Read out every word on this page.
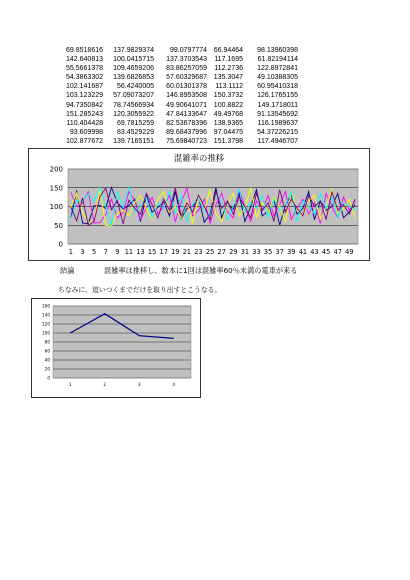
69.8518616	137.9829374	99.0797774	66.94464	98.13960398
142.640813	100.0415715	137.3703543	117.1695	61.82194114
55.5661378	109.4659206	83.86257059	112.2736	122.8972841
54.3863302	139.6826853	57.60329687	135.3047	49.10388305
102.141687	56.4240005	60.01301378	113.1112	60.95410318
103.123229	57.09073207	146.8953508	150.3732	126.1765155
94.7350842	78.74566934	49.90641071	100.8822	149.1718011
151.285243	120.3055922	47.84133647	49.49768	91.13545692
110.404428	69.7815259	82.53678396	138.9365	116.1989637
93.609998	83.4529229	89.68437996	97.04475	54.37226215
102.877672	139.7165151	75.69840723	151.3798	117.4946707
混雑率の推移
0
50
100
150
200
1 3 5 7 9 11 13 15 17 19 21 23 25 27 29 31 33 35 37 39 41 43 45 47 49
結論	混雑率は推移し、数本に1回は混雑率60％未満の電車が来る
ちなみに、追いつくまでだけを取り出すとこうなる。
0
20
40
60
80
100
120
140
160
1	2	3	4
